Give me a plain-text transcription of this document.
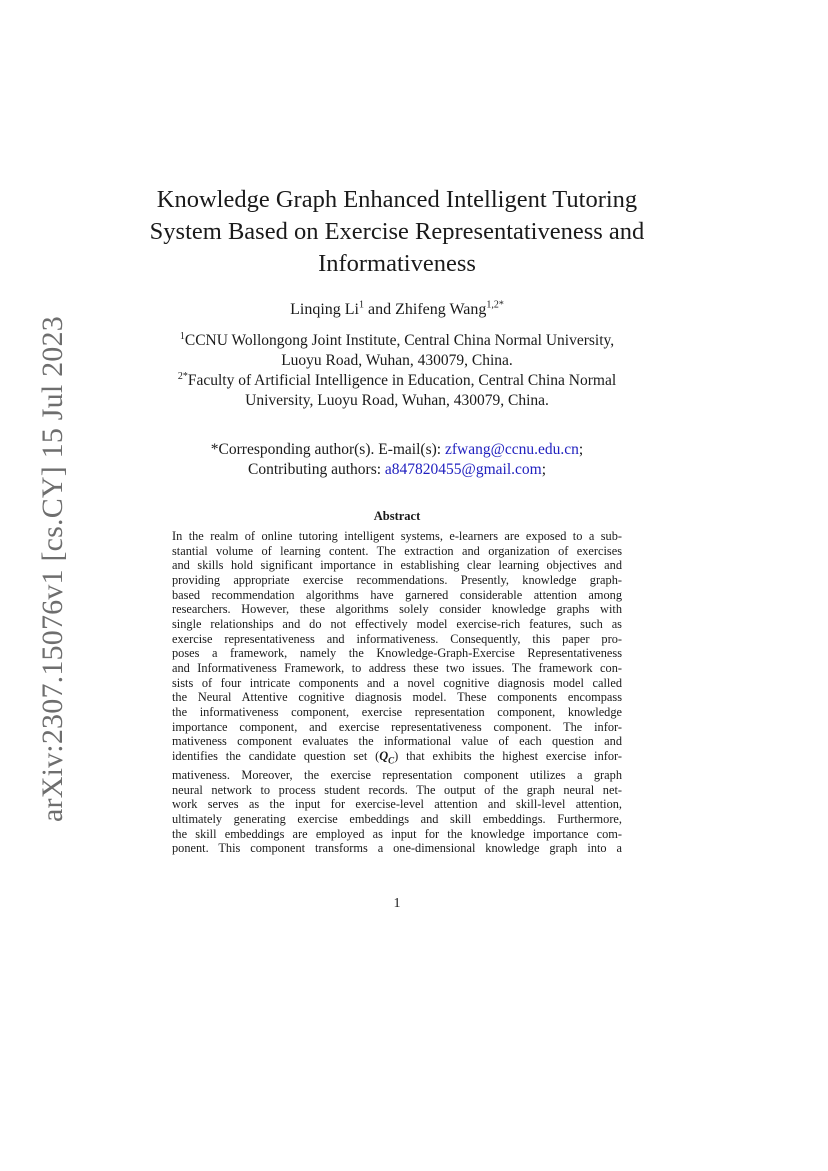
arXiv:2307.15076v1 [cs.CY] 15 Jul 2023
Knowledge Graph Enhanced Intelligent Tutoring
System Based on Exercise Representativeness and
Informativeness
Linqing Li$^1$ and Zhifeng Wang$^{1,2*}$
$^1$CCNU Wollongong Joint Institute, Central China Normal University,
Luoyu Road, Wuhan, 430079, China.
$^{2*}$Faculty of Artificial Intelligence in Education, Central China Normal
University, Luoyu Road, Wuhan, 430079, China.
*Corresponding author(s). E-mail(s): zfwang@ccnu.edu.cn;
Contributing authors: a847820455@gmail.com;
Abstract
In the realm of online tutoring intelligent systems, e-learners are exposed to a sub-
stantial volume of learning content. The extraction and organization of exercises
and skills hold significant importance in establishing clear learning objectives and
providing appropriate exercise recommendations. Presently, knowledge graph-
based recommendation algorithms have garnered considerable attention among
researchers. However, these algorithms solely consider knowledge graphs with
single relationships and do not effectively model exercise-rich features, such as
exercise representativeness and informativeness. Consequently, this paper pro-
poses a framework, namely the Knowledge-Graph-Exercise Representativeness
and Informativeness Framework, to address these two issues. The framework con-
sists of four intricate components and a novel cognitive diagnosis model called
the Neural Attentive cognitive diagnosis model. These components encompass
the informativeness component, exercise representation component, knowledge
importance component, and exercise representativeness component. The infor-
mativeness component evaluates the informational value of each question and
identifies the candidate question set $(Q_C)$ that exhibits the highest exercise infor-
mativeness. Moreover, the exercise representation component utilizes a graph
neural network to process student records. The output of the graph neural net-
work serves as the input for exercise-level attention and skill-level attention,
ultimately generating exercise embeddings and skill embeddings. Furthermore,
the skill embeddings are employed as input for the knowledge importance com-
ponent. This component transforms a one-dimensional knowledge graph into a
1
